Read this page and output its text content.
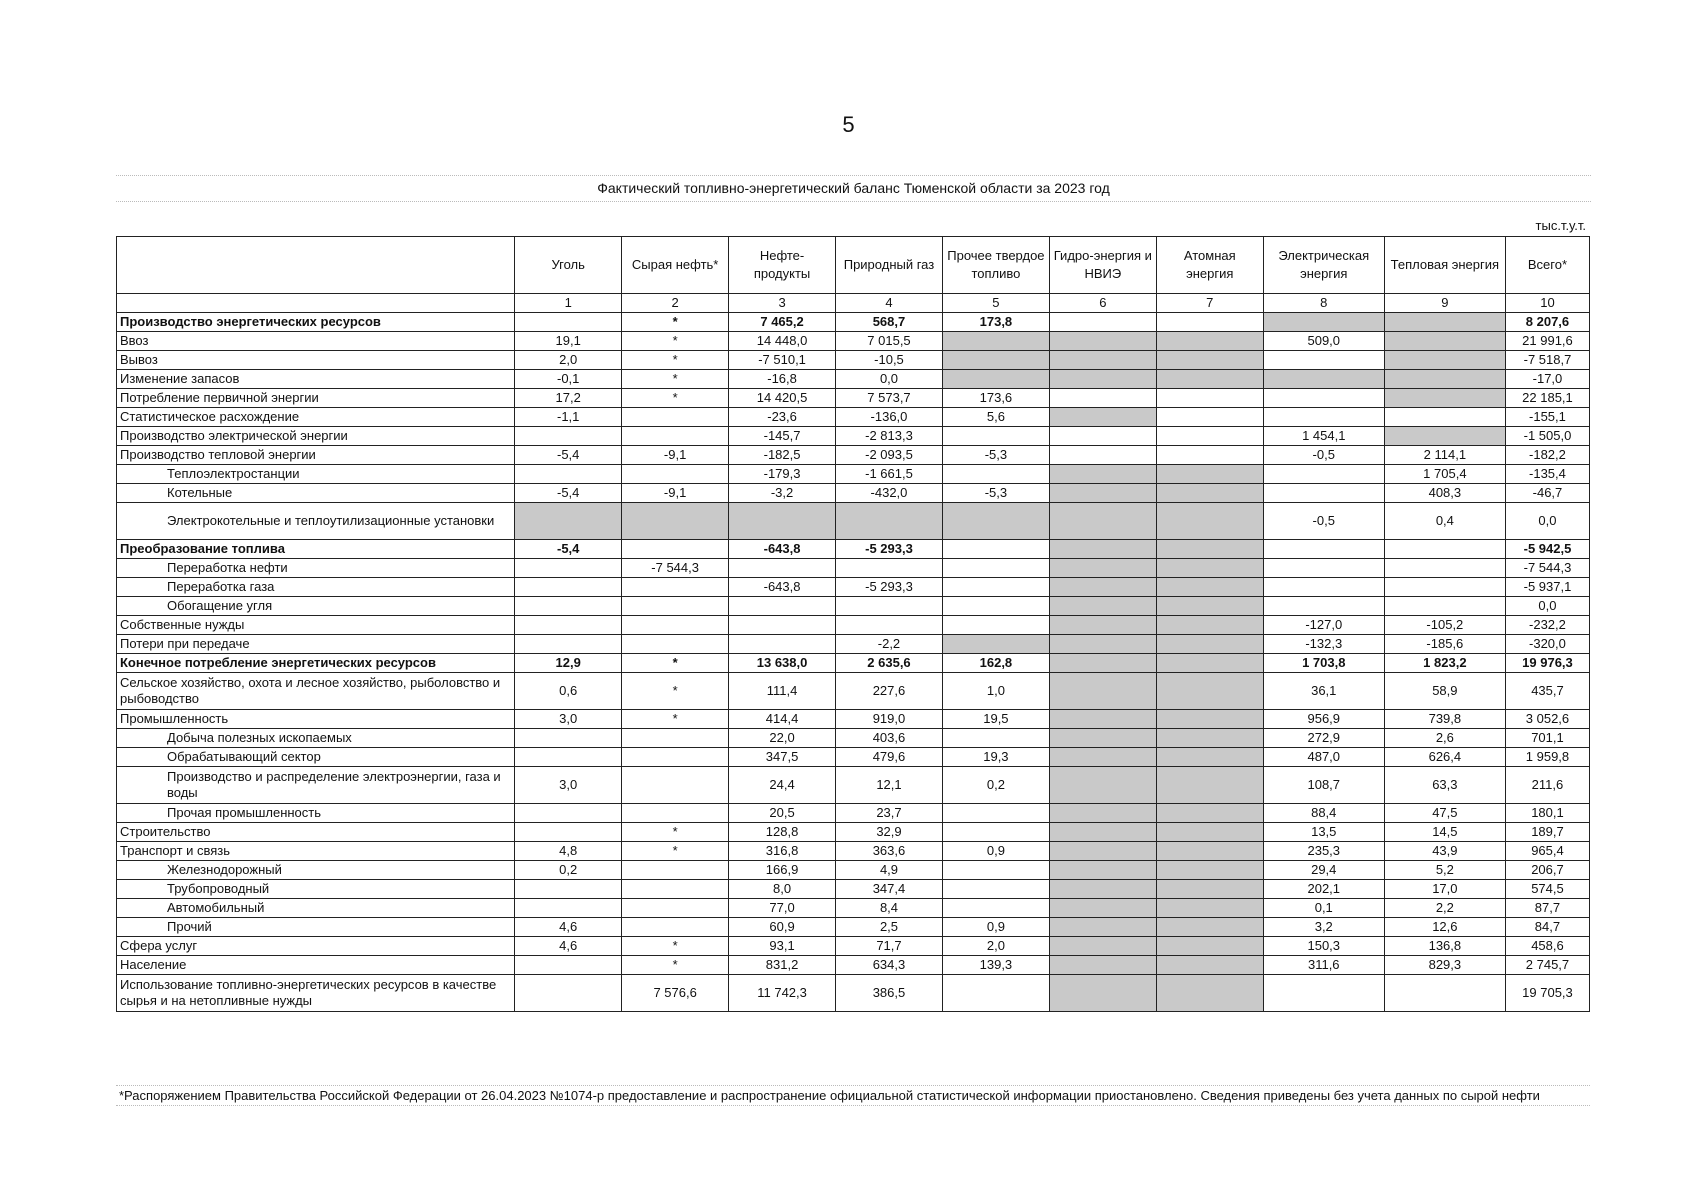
5
Фактический топливно-энергетический баланс Тюменской области за 2023 год
тыс.т.у.т.
	Уголь	Сырая нефть*	Нефте-продукты	Природный газ	Прочее твердое топливо	Гидро-энергия и НВИЭ	Атомная энергия	Электрическая энергия	Тепловая энергия	Всего*
	1	2	3	4	5	6	7	8	9	10
Производство энергетических ресурсов		*	7 465,2	568,7	173,8					8 207,6
Ввоз	19,1	*	14 448,0	7 015,5				509,0		21 991,6
Вывоз	2,0	*	-7 510,1	-10,5						-7 518,7
Изменение запасов	-0,1	*	-16,8	0,0						-17,0
Потребление первичной энергии	17,2	*	14 420,5	7 573,7	173,6					22 185,1
Статистическое расхождение	-1,1		-23,6	-136,0	5,6					-155,1
Производство электрической энергии			-145,7	-2 813,3				1 454,1		-1 505,0
Производство тепловой энергии	-5,4	-9,1	-182,5	-2 093,5	-5,3			-0,5	2 114,1	-182,2
Теплоэлектростанции			-179,3	-1 661,5					1 705,4	-135,4
Котельные	-5,4	-9,1	-3,2	-432,0	-5,3				408,3	-46,7
Электрокотельные и теплоутилизационные установки								-0,5	0,4	0,0
Преобразование топлива	-5,4		-643,8	-5 293,3						-5 942,5
Переработка нефти		-7 544,3								-7 544,3
Переработка газа			-643,8	-5 293,3						-5 937,1
Обогащение угля										0,0
Собственные нужды								-127,0	-105,2	-232,2
Потери при передаче				-2,2				-132,3	-185,6	-320,0
Конечное потребление энергетических ресурсов	12,9	*	13 638,0	2 635,6	162,8			1 703,8	1 823,2	19 976,3
Сельское хозяйство, охота и лесное хозяйство, рыболовство и рыбоводство	0,6	*	111,4	227,6	1,0			36,1	58,9	435,7
Промышленность	3,0	*	414,4	919,0	19,5			956,9	739,8	3 052,6
Добыча полезных ископаемых			22,0	403,6				272,9	2,6	701,1
Обрабатывающий сектор			347,5	479,6	19,3			487,0	626,4	1 959,8
Производство и распределение электроэнергии, газа и воды	3,0		24,4	12,1	0,2			108,7	63,3	211,6
Прочая промышленность			20,5	23,7				88,4	47,5	180,1
Строительство		*	128,8	32,9				13,5	14,5	189,7
Транспорт и связь	4,8	*	316,8	363,6	0,9			235,3	43,9	965,4
Железнодорожный	0,2		166,9	4,9				29,4	5,2	206,7
Трубопроводный			8,0	347,4				202,1	17,0	574,5
Автомобильный			77,0	8,4				0,1	2,2	87,7
Прочий	4,6		60,9	2,5	0,9			3,2	12,6	84,7
Сфера услуг	4,6	*	93,1	71,7	2,0			150,3	136,8	458,6
Население		*	831,2	634,3	139,3			311,6	829,3	2 745,7
Использование топливно-энергетических ресурсов в качестве сырья и на нетопливные нужды		7 576,6	11 742,3	386,5						19 705,3
*Распоряжением Правительства Российской Федерации от 26.04.2023 №1074-р предоставление и распространение официальной статистической информации приостановлено. Сведения приведены без учета данных по сырой нефти
